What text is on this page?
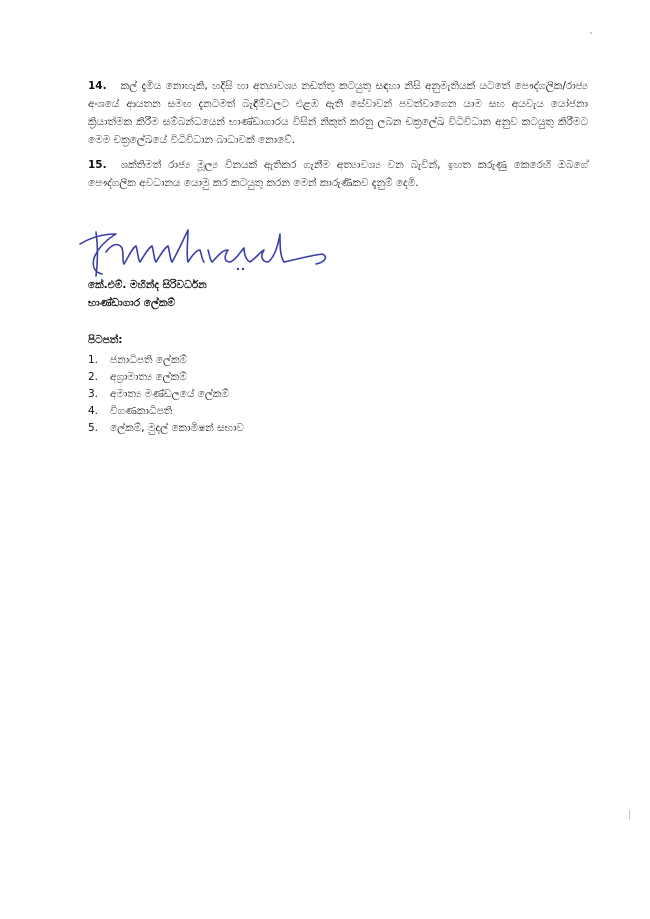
14. කල් දැමිය නොහැකි, හදිසි හා අත්‍යාවශ්‍ය නඩත්තු කටයුතු සඳහා නිසි අනුමැතියක් යටතේ පෞද්ගලික/රාජ්‍ය අංශයේ ආයතන සමඟ දැනටමත් බැඳීම්වලට එළඹ ඇති සේවාවන් පවත්වාගෙන යාම සහ අයවැය යෝජනා ක්‍රියාත්මක කිරීම සම්බන්ධයෙන් භාණ්ඩාගාරය විසින් නිකුත් කරනු ලබන චක්‍රලේඛ විධිවිධාන අනුව කටයුතු කිරීමට මෙම චක්‍රලේඛයේ විධිවිධාන බාධාවක් නොවේ.
15. ශක්තිමත් රාජ්‍ය මූල්‍ය විනයක් ඇතිකර ගැනීම අත්‍යාවශ්‍ය වන බැවින්, ඉහත කරුණු කෙරෙහි ඔබගේ පෞද්ගලික අවධානය යොමු කර කටයුතු කරන මෙන් කාරුණිකව දැනුම් දෙමි.
කේ.එම්. මහින්ද සිරිවර්ධන
භාණ්ඩාගාර ලේකම්
පිටපත්:
1.	ජනාධිපති ලේකම්
2.	අග්‍රාමාත්‍ය ලේකම්
3.	අමාත්‍ය මණ්ඩලයේ ලේකම්
4.	විගණකාධිපති
5.	ලේකම්, මුදල් කොමිෂන් සභාව
